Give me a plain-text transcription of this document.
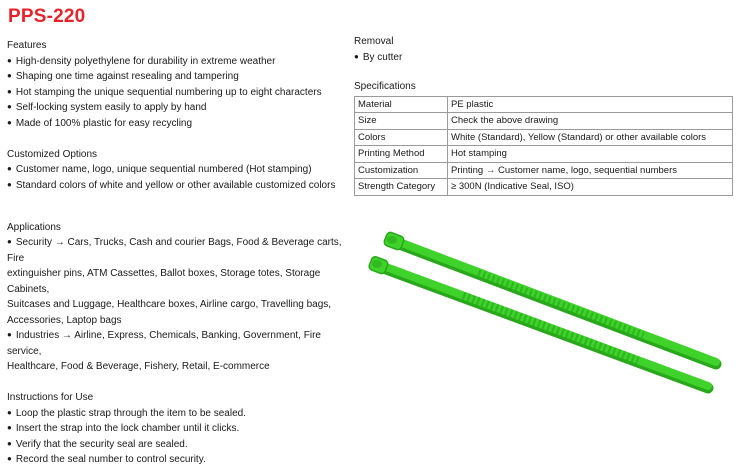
PPS-220
Features
● High-density polyethylene for durability in extreme weather
● Shaping one time against resealing and tampering
● Hot stamping the unique sequential numbering up to eight characters
● Self-locking system easily to apply by hand
● Made of 100% plastic for easy recycling
Customized Options
● Customer name, logo, unique sequential numbered (Hot stamping)
● Standard colors of white and yellow or other available customized colors
Applications
● Security → Cars, Trucks, Cash and courier Bags, Food & Beverage carts, Fire
extinguisher pins, ATM Cassettes, Ballot boxes, Storage totes, Storage Cabinets,
Suitcases and Luggage, Healthcare boxes, Airline cargo, Travelling bags,
Accessories, Laptop bags
● Industries → Airline, Express, Chemicals, Banking, Government, Fire service,
Healthcare, Food & Beverage, Fishery, Retail, E-commerce
Instructions for Use
● Loop the plastic strap through the item to be sealed.
● Insert the strap into the lock chamber until it clicks.
● Verify that the security seal are sealed.
● Record the seal number to control security.
Removal
● By cutter
Specifications
Material	PE plastic
Size	Check the above drawing
Colors	White (Standard), Yellow (Standard) or other available colors
Printing Method	Hot stamping
Customization	Printing → Customer name, logo, sequential numbers
Strength Category	≥ 300N (Indicative Seal, ISO)
